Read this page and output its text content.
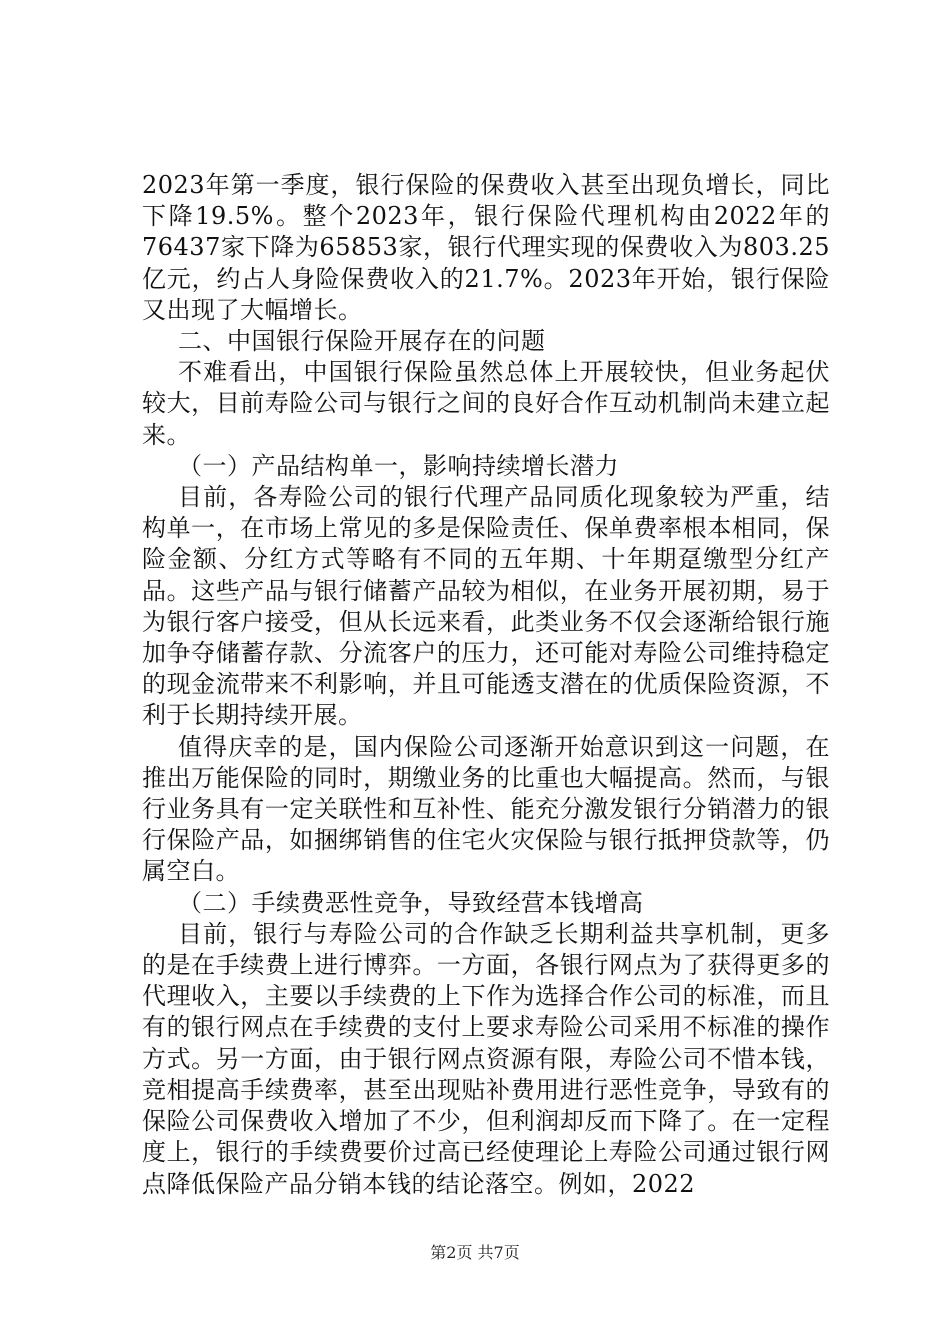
2023年第一季度，银行保险的保费收入甚至出现负增长，同比下降19.5%。整个2023年，银行保险代理机构由2022年的76437家下降为65853家，银行代理实现的保费收入为803.25亿元，约占人身险保费收入的21.7%。2023年开始，银行保险又出现了大幅增长。

二、中国银行保险开展存在的问题

不难看出，中国银行保险虽然总体上开展较快，但业务起伏较大，目前寿险公司与银行之间的良好合作互动机制尚未建立起来。

（一）产品结构单一，影响持续增长潜力

目前，各寿险公司的银行代理产品同质化现象较为严重，结构单一，在市场上常见的多是保险责任、保单费率根本相同，保险金额、分红方式等略有不同的五年期、十年期趸缴型分红产品。这些产品与银行储蓄产品较为相似，在业务开展初期，易于为银行客户接受，但从长远来看，此类业务不仅会逐渐给银行施加争夺储蓄存款、分流客户的压力，还可能对寿险公司维持稳定的现金流带来不利影响，并且可能透支潜在的优质保险资源，不利于长期持续开展。

值得庆幸的是，国内保险公司逐渐开始意识到这一问题，在推出万能保险的同时，期缴业务的比重也大幅提高。然而，与银行业务具有一定关联性和互补性、能充分激发银行分销潜力的银行保险产品，如捆绑销售的住宅火灾保险与银行抵押贷款等，仍属空白。

（二）手续费恶性竞争，导致经营本钱增高

目前，银行与寿险公司的合作缺乏长期利益共享机制，更多的是在手续费上进行博弈。一方面，各银行网点为了获得更多的代理收入，主要以手续费的上下作为选择合作公司的标准，而且有的银行网点在手续费的支付上要求寿险公司采用不标准的操作方式。另一方面，由于银行网点资源有限，寿险公司不惜本钱，竞相提高手续费率，甚至出现贴补费用进行恶性竞争，导致有的保险公司保费收入增加了不少，但利润却反而下降了。在一定程度上，银行的手续费要价过高已经使理论上寿险公司通过银行网点降低保险产品分销本钱的结论落空。例如，2022

第2页 共7页
